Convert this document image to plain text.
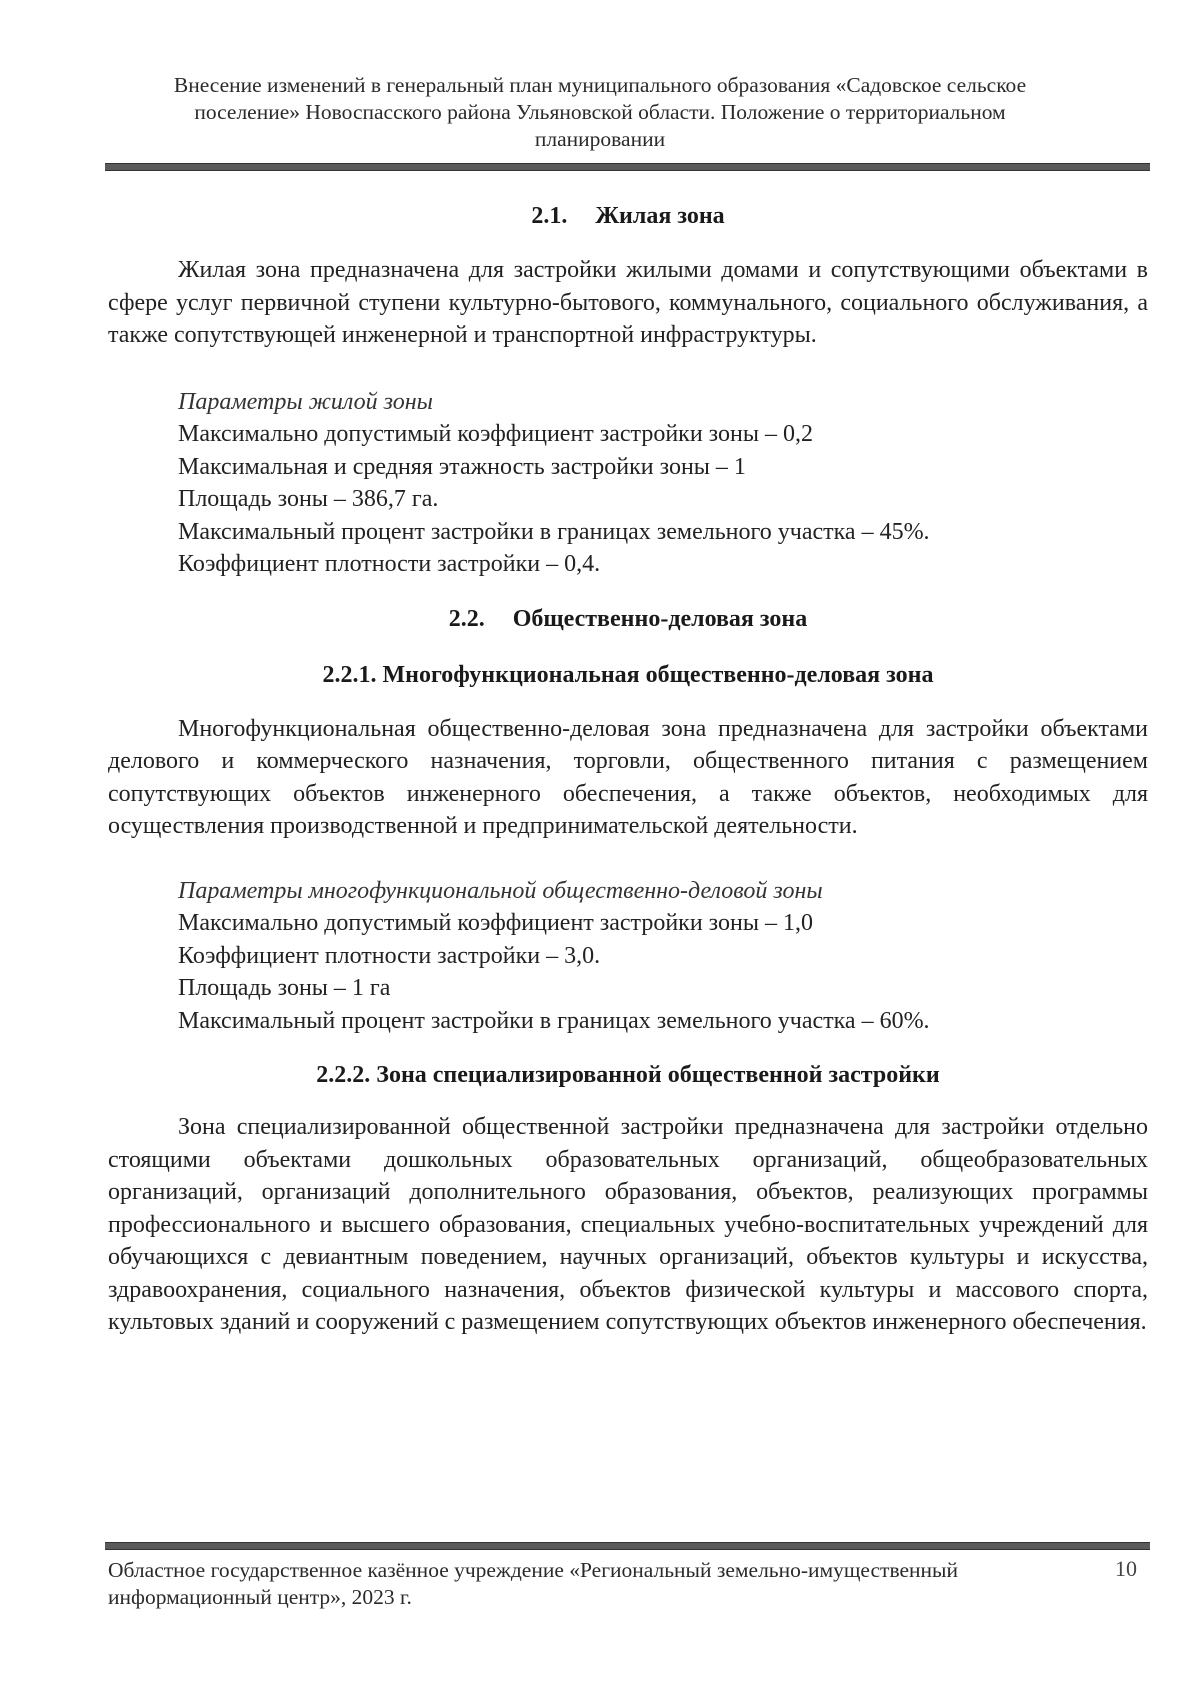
Внесение изменений в генеральный план муниципального образования «Садовское сельское
поселение» Новоспасского района Ульяновской области. Положение о территориальном
планировании
2.1. Жилая зона

Жилая зона предназначена для застройки жилыми домами и сопутствующими объектами в сфере услуг первичной ступени культурно-бытового, коммунального, социального обслуживания, а также сопутствующей инженерной и транспортной инфраструктуры.

Параметры жилой зоны
Максимально допустимый коэффициент застройки зоны – 0,2
Максимальная и средняя этажность застройки зоны – 1
Площадь зоны – 386,7 га.
Максимальный процент застройки в границах земельного участка – 45%.
Коэффициент плотности застройки – 0,4.
2.2. Общественно-деловая зона
2.2.1. Многофункциональная общественно-деловая зона

Многофункциональная общественно-деловая зона предназначена для застройки объектами делового и коммерческого назначения, торговли, общественного питания с размещением сопутствующих объектов инженерного обеспечения, а также объектов, необходимых для осуществления производственной и предпринимательской деятельности.

Параметры многофункциональной общественно-деловой зоны
Максимально допустимый коэффициент застройки зоны – 1,0
Коэффициент плотности застройки – 3,0.
Площадь зоны – 1 га
Максимальный процент застройки в границах земельного участка – 60%.
2.2.2. Зона специализированной общественной застройки

Зона специализированной общественной застройки предназначена для застройки отдельно стоящими объектами дошкольных образовательных организаций, общеобразовательных организаций, организаций дополнительного образования, объектов, реализующих программы профессионального и высшего образования, специальных учебно-воспитательных учреждений для обучающихся с девиантным поведением, научных организаций, объектов культуры и искусства, здравоохранения, социального назначения, объектов физической культуры и массового спорта, культовых зданий и сооружений с размещением сопутствующих объектов инженерного обеспечения.

Областное государственное казённое учреждение «Региональный земельно-имущественный
информационный центр», 2023 г.
10
